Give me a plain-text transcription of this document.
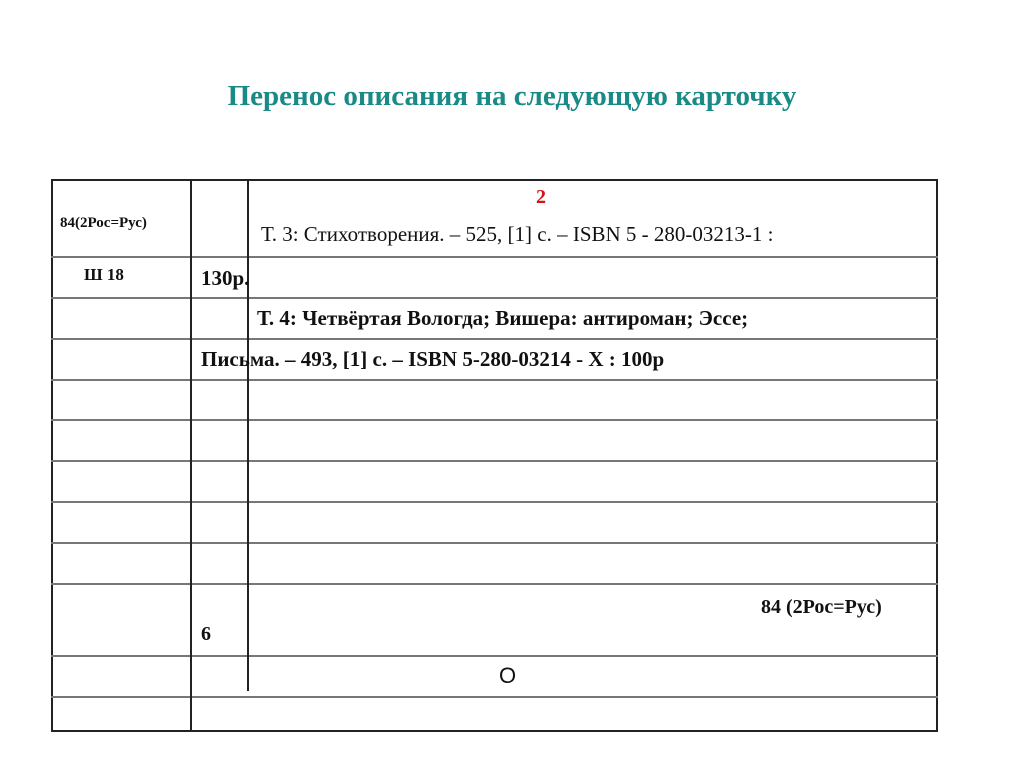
Перенос описания на следующую карточку
2
84(2Рос=Рус)	Т. 3: Стихотворения. – 525, [1] с. – ISBN 5 - 280-03213-1 :
Ш 18	130р.
Т. 4: Четвёртая Вологда; Вишера: антироман; Эссе;
Письма. – 493, [1] с. – ISBN 5-280-03214 - Х : 100р
84 (2Рос=Рус)
6
О
